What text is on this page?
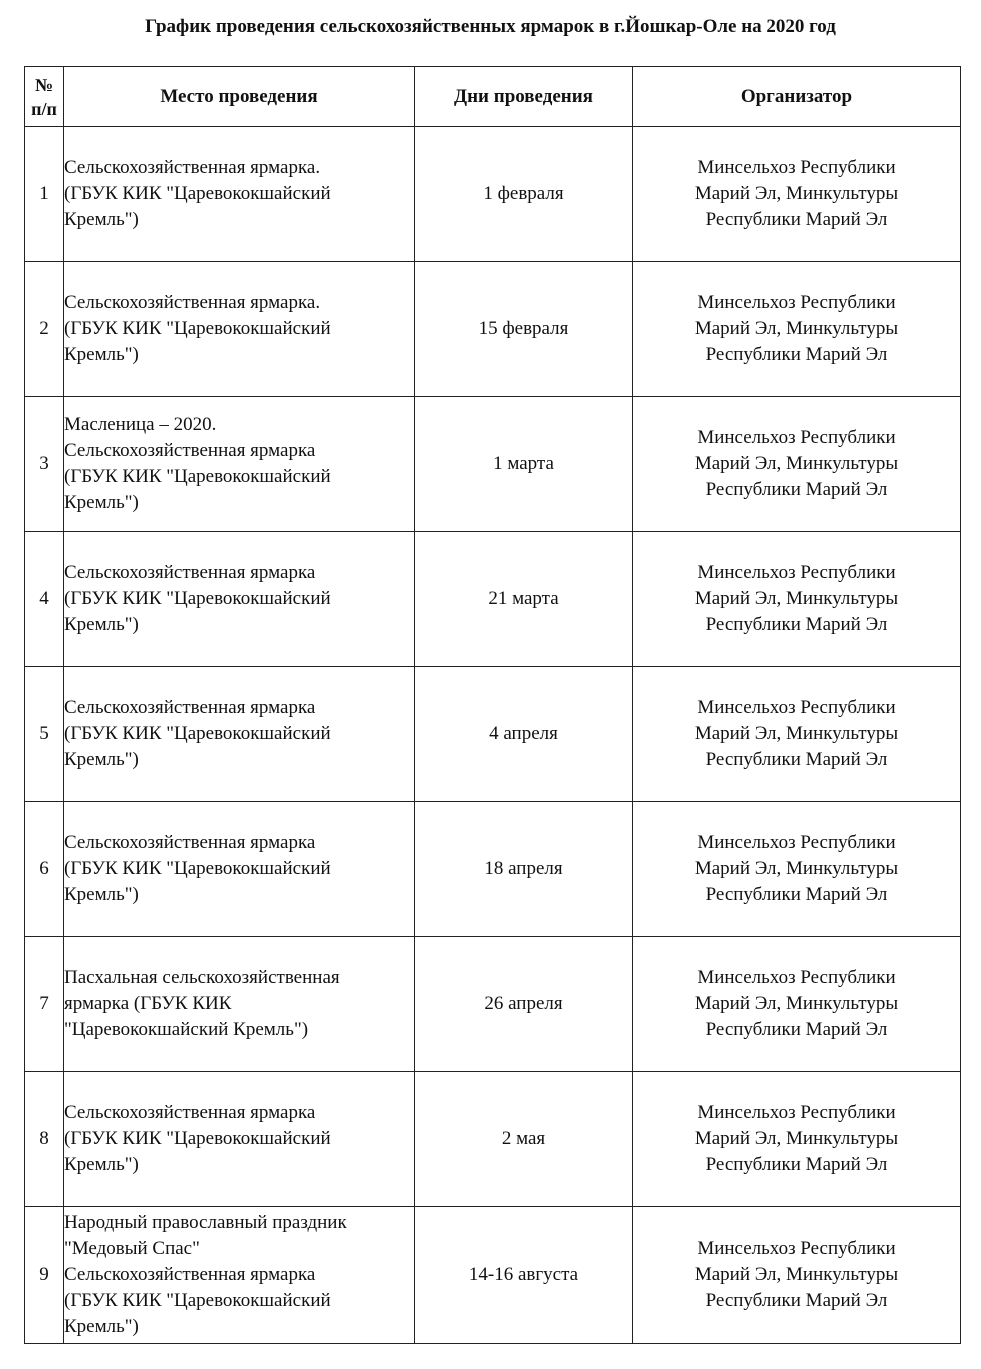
График проведения сельскохозяйственных ярмарок в г.Йошкар-Оле на 2020 год
№
п/п	Место проведения	Дни проведения	Организатор
1	Сельскохозяйственная ярмарка.
(ГБУК КИК "Царевококшайский
Кремль")	1 февраля	Минсельхоз Республики
Марий Эл, Минкультуры
Республики Марий Эл

2	Сельскохозяйственная ярмарка.
(ГБУК КИК "Царевококшайский
Кремль")	15 февраля	Минсельхоз Республики
Марий Эл, Минкультуры
Республики Марий Эл

3	Масленица – 2020.
Сельскохозяйственная ярмарка
(ГБУК КИК "Царевококшайский
Кремль")	1 марта	Минсельхоз Республики
Марий Эл, Минкультуры
Республики Марий Эл

4	Сельскохозяйственная ярмарка
(ГБУК КИК "Царевококшайский
Кремль")	21 марта	Минсельхоз Республики
Марий Эл, Минкультуры
Республики Марий Эл

5	Сельскохозяйственная ярмарка
(ГБУК КИК "Царевококшайский
Кремль")	4 апреля	Минсельхоз Республики
Марий Эл, Минкультуры
Республики Марий Эл

6	Сельскохозяйственная ярмарка
(ГБУК КИК "Царевококшайский
Кремль")	18 апреля	Минсельхоз Республики
Марий Эл, Минкультуры
Республики Марий Эл

7	Пасхальная сельскохозяйственная
ярмарка (ГБУК КИК
"Царевококшайский Кремль")	26 апреля	Минсельхоз Республики
Марий Эл, Минкультуры
Республики Марий Эл

8	Сельскохозяйственная ярмарка
(ГБУК КИК "Царевококшайский
Кремль")	2 мая	Минсельхоз Республики
Марий Эл, Минкультуры
Республики Марий Эл

9	Народный православный праздник
"Медовый Спас"
Сельскохозяйственная ярмарка
(ГБУК КИК "Царевококшайский
Кремль")	14-16 августа	Минсельхоз Республики
Марий Эл, Минкультуры
Республики Марий Эл
